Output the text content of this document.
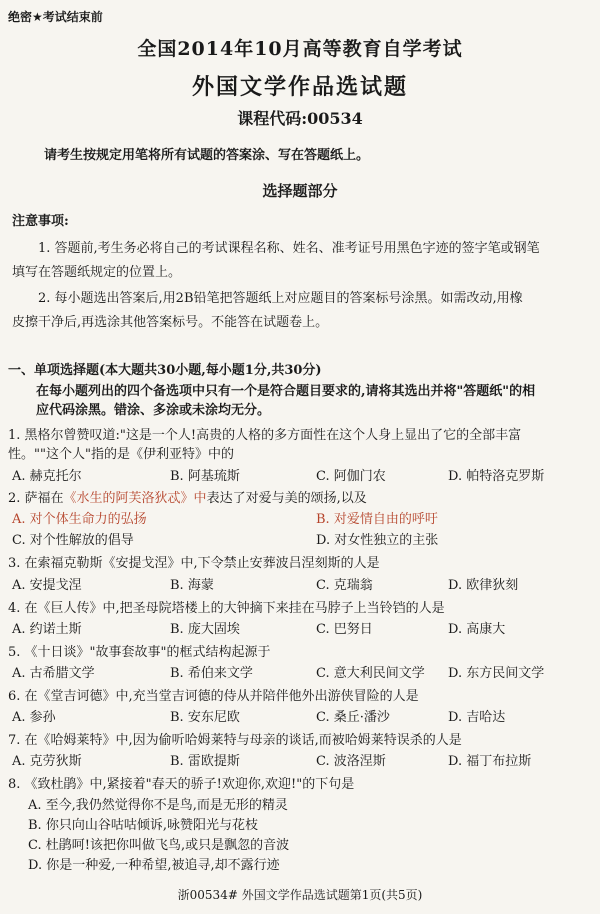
绝密★考试结束前
全国2014年10月高等教育自学考试
外国文学作品选试题
课程代码:00534
请考生按规定用笔将所有试题的答案涂、写在答题纸上。
选择题部分
注意事项:
1. 答题前,考生务必将自己的考试课程名称、姓名、准考证号用黑色字迹的签字笔或钢笔
填写在答题纸规定的位置上。
2. 每小题选出答案后,用2B铅笔把答题纸上对应题目的答案标号涂黑。如需改动,用橡
皮擦干净后,再选涂其他答案标号。不能答在试题卷上。
一、单项选择题(本大题共30小题,每小题1分,共30分)
在每小题列出的四个备选项中只有一个是符合题目要求的,请将其选出并将"答题纸"的相
应代码涂黑。错涂、多涂或未涂均无分。
1. 黑格尔曾赞叹道:"这是一个人!高贵的人格的多方面性在这个人身上显出了它的全部丰富
性。""这个人"指的是《伊利亚特》中的
A. 赫克托尔	B. 阿基琉斯	C. 阿伽门农	D. 帕特洛克罗斯
2. 萨福在《水生的阿芙洛狄忒》中表达了对爱与美的颂扬,以及
A. 对个体生命力的弘扬	B. 对爱情自由的呼吁
C. 对个性解放的倡导	D. 对女性独立的主张
3. 在索福克勒斯《安提戈涅》中,下令禁止安葬波吕涅刻斯的人是
A. 安提戈涅	B. 海蒙	C. 克瑞翁	D. 欧律狄刻
4. 在《巨人传》中,把圣母院塔楼上的大钟摘下来挂在马脖子上当铃铛的人是
A. 约诺土斯	B. 庞大固埃	C. 巴努日	D. 高康大
5. 《十日谈》"故事套故事"的框式结构起源于
A. 古希腊文学	B. 希伯来文学	C. 意大利民间文学 D. 东方民间文学
6. 在《堂吉诃德》中,充当堂吉诃德的侍从并陪伴他外出游侠冒险的人是
A. 参孙	B. 安东尼欧	C. 桑丘·潘沙	D. 吉哈达
7. 在《哈姆莱特》中,因为偷听哈姆莱特与母亲的谈话,而被哈姆莱特误杀的人是
A. 克劳狄斯	B. 雷欧提斯	C. 波洛涅斯	D. 福丁布拉斯
8. 《致杜鹃》中,紧接着"春天的骄子!欢迎你,欢迎!"的下句是
A. 至今,我仍然觉得你不是鸟,而是无形的精灵
B. 你只向山谷咕咕倾诉,咏赞阳光与花枝
C. 杜鹃呵!该把你叫做飞鸟,或只是飘忽的音波
D. 你是一种爱,一种希望,被追寻,却不露行迹
浙00534# 外国文学作品选试题第1页(共5页)
